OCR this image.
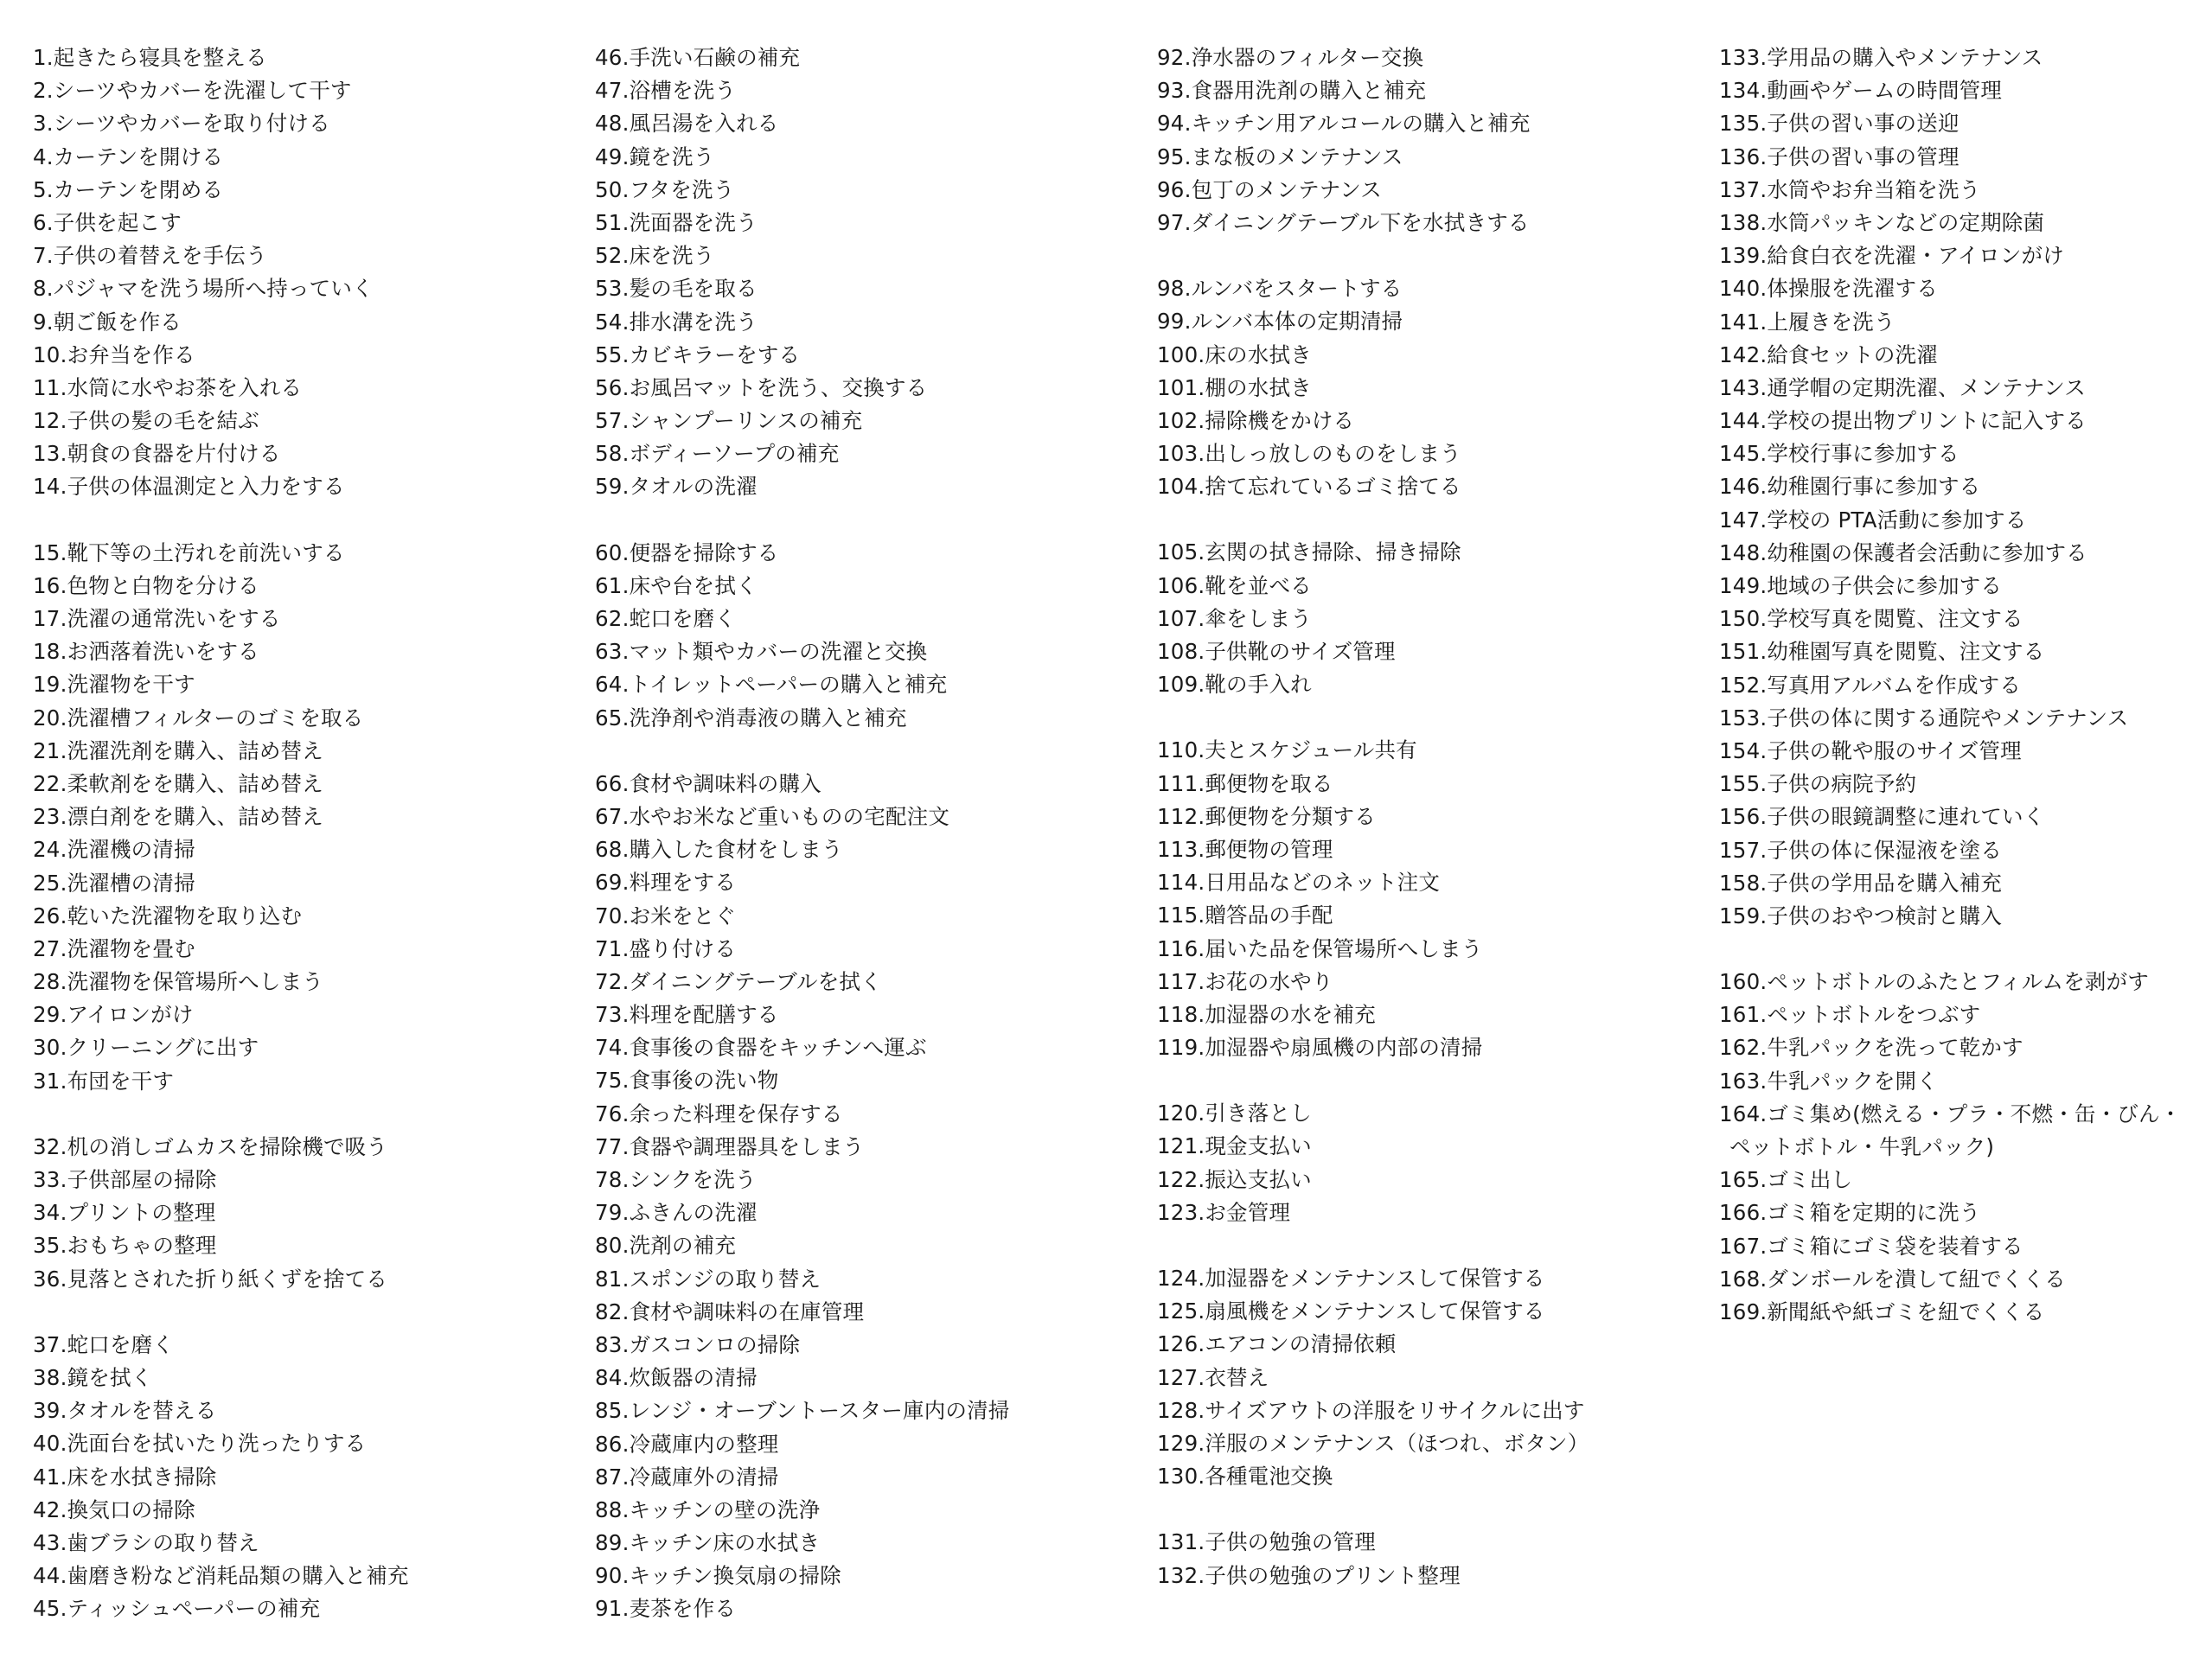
1.起きたら寝具を整える
2.シーツやカバーを洗濯して干す
3.シーツやカバーを取り付ける
4.カーテンを開ける
5.カーテンを閉める
6.子供を起こす
7.子供の着替えを手伝う
8.パジャマを洗う場所へ持っていく
9.朝ご飯を作る
10.お弁当を作る
11.水筒に水やお茶を入れる
12.子供の髪の毛を結ぶ
13.朝食の食器を片付ける
14.子供の体温測定と入力をする
15.靴下等の土汚れを前洗いする
16.色物と白物を分ける
17.洗濯の通常洗いをする
18.お洒落着洗いをする
19.洗濯物を干す
20.洗濯槽フィルターのゴミを取る
21.洗濯洗剤を購入、詰め替え
22.柔軟剤をを購入、詰め替え
23.漂白剤をを購入、詰め替え
24.洗濯機の清掃
25.洗濯槽の清掃
26.乾いた洗濯物を取り込む
27.洗濯物を畳む
28.洗濯物を保管場所へしまう
29.アイロンがけ
30.クリーニングに出す
31.布団を干す
32.机の消しゴムカスを掃除機で吸う
33.子供部屋の掃除
34.プリントの整理
35.おもちゃの整理
36.見落とされた折り紙くずを捨てる
37.蛇口を磨く
38.鏡を拭く
39.タオルを替える
40.洗面台を拭いたり洗ったりする
41.床を水拭き掃除
42.換気口の掃除
43.歯ブラシの取り替え
44.歯磨き粉など消耗品類の購入と補充
45.ティッシュペーパーの補充
46.手洗い石鹸の補充
47.浴槽を洗う
48.風呂湯を入れる
49.鏡を洗う
50.フタを洗う
51.洗面器を洗う
52.床を洗う
53.髪の毛を取る
54.排水溝を洗う
55.カビキラーをする
56.お風呂マットを洗う、交換する
57.シャンプーリンスの補充
58.ボディーソープの補充
59.タオルの洗濯
60.便器を掃除する
61.床や台を拭く
62.蛇口を磨く
63.マット類やカバーの洗濯と交換
64.トイレットペーパーの購入と補充
65.洗浄剤や消毒液の購入と補充
66.食材や調味料の購入
67.水やお米など重いものの宅配注文
68.購入した食材をしまう
69.料理をする
70.お米をとぐ
71.盛り付ける
72.ダイニングテーブルを拭く
73.料理を配膳する
74.食事後の食器をキッチンへ運ぶ
75.食事後の洗い物
76.余った料理を保存する
77.食器や調理器具をしまう
78.シンクを洗う
79.ふきんの洗濯
80.洗剤の補充
81.スポンジの取り替え
82.食材や調味料の在庫管理
83.ガスコンロの掃除
84.炊飯器の清掃
85.レンジ・オーブントースター庫内の清掃
86.冷蔵庫内の整理
87.冷蔵庫外の清掃
88.キッチンの壁の洗浄
89.キッチン床の水拭き
90.キッチン換気扇の掃除
91.麦茶を作る
92.浄水器のフィルター交換
93.食器用洗剤の購入と補充
94.キッチン用アルコールの購入と補充
95.まな板のメンテナンス
96.包丁のメンテナンス
97.ダイニングテーブル下を水拭きする
98.ルンバをスタートする
99.ルンバ本体の定期清掃
100.床の水拭き
101.棚の水拭き
102.掃除機をかける
103.出しっ放しのものをしまう
104.捨て忘れているゴミ捨てる
105.玄関の拭き掃除、掃き掃除
106.靴を並べる
107.傘をしまう
108.子供靴のサイズ管理
109.靴の手入れ
110.夫とスケジュール共有
111.郵便物を取る
112.郵便物を分類する
113.郵便物の管理
114.日用品などのネット注文
115.贈答品の手配
116.届いた品を保管場所へしまう
117.お花の水やり
118.加湿器の水を補充
119.加湿器や扇風機の内部の清掃
120.引き落とし
121.現金支払い
122.振込支払い
123.お金管理
124.加湿器をメンテナンスして保管する
125.扇風機をメンテナンスして保管する
126.エアコンの清掃依頼
127.衣替え
128.サイズアウトの洋服をリサイクルに出す
129.洋服のメンテナンス（ほつれ、ボタン）
130.各種電池交換
131.子供の勉強の管理
132.子供の勉強のプリント整理
133.学用品の購入やメンテナンス
134.動画やゲームの時間管理
135.子供の習い事の送迎
136.子供の習い事の管理
137.水筒やお弁当箱を洗う
138.水筒パッキンなどの定期除菌
139.給食白衣を洗濯・アイロンがけ
140.体操服を洗濯する
141.上履きを洗う
142.給食セットの洗濯
143.通学帽の定期洗濯、メンテナンス
144.学校の提出物プリントに記入する
145.学校行事に参加する
146.幼稚園行事に参加する
147.学校の PTA活動に参加する
148.幼稚園の保護者会活動に参加する
149.地域の子供会に参加する
150.学校写真を閲覧、注文する
151.幼稚園写真を閲覧、注文する
152.写真用アルバムを作成する
153.子供の体に関する通院やメンテナンス
154.子供の靴や服のサイズ管理
155.子供の病院予約
156.子供の眼鏡調整に連れていく
157.子供の体に保湿液を塗る
158.子供の学用品を購入補充
159.子供のおやつ検討と購入
160.ペットボトルのふたとフィルムを剥がす
161.ペットボトルをつぶす
162.牛乳パックを洗って乾かす
163.牛乳パックを開く
164.ゴミ集め(燃える・プラ・不燃・缶・びん・
ペットボトル・牛乳パック)
165.ゴミ出し
166.ゴミ箱を定期的に洗う
167.ゴミ箱にゴミ袋を装着する
168.ダンボールを潰して紐でくくる
169.新聞紙や紙ゴミを紐でくくる
